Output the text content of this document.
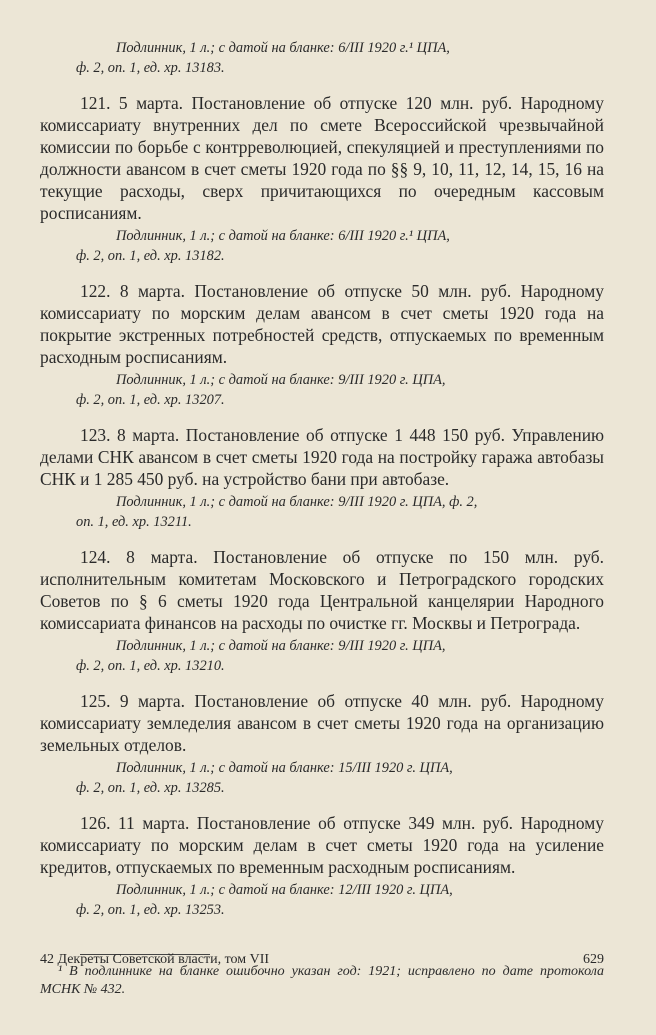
Подлинник, 1 л.; с датой на бланке: 6/III 1920 г.¹ ЦПА,
ф. 2, оп. 1, ед. хр. 13183.

121. 5 марта. Постановление об отпуске 120 млн. руб. Народному комиссариату внутренних дел по смете Всероссийской чрезвычайной комиссии по борьбе с контрреволюцией, спекуляцией и преступлениями по должности авансом в счет сметы 1920 года по §§ 9, 10, 11, 12, 14, 15, 16 на текущие расходы, сверх причитающихся по очередным кассовым росписаниям.

Подлинник, 1 л.; с датой на бланке: 6/III 1920 г.¹ ЦПА,
ф. 2, оп. 1, ед. хр. 13182.

122. 8 марта. Постановление об отпуске 50 млн. руб. Народному комиссариату по морским делам авансом в счет сметы 1920 года на покрытие экстренных потребностей средств, отпускаемых по временным расходным росписаниям.

Подлинник, 1 л.; с датой на бланке: 9/III 1920 г. ЦПА,
ф. 2, оп. 1, ед. хр. 13207.

123. 8 марта. Постановление об отпуске 1 448 150 руб. Управлению делами СНК авансом в счет сметы 1920 года на постройку гаража автобазы СНК и 1 285 450 руб. на устройство бани при автобазе.

Подлинник, 1 л.; с датой на бланке: 9/III 1920 г. ЦПА, ф. 2,
оп. 1, ед. хр. 13211.

124. 8 марта. Постановление об отпуске по 150 млн. руб. исполнительным комитетам Московского и Петроградского городских Советов по § 6 сметы 1920 года Центральной канцелярии Народного комиссариата финансов на расходы по очистке гг. Москвы и Петрограда.

Подлинник, 1 л.; с датой на бланке: 9/III 1920 г. ЦПА,
ф. 2, оп. 1, ед. хр. 13210.

125. 9 марта. Постановление об отпуске 40 млн. руб. Народному комиссариату земледелия авансом в счет сметы 1920 года на организацию земельных отделов.

Подлинник, 1 л.; с датой на бланке: 15/III 1920 г. ЦПА,
ф. 2, оп. 1, ед. хр. 13285.

126. 11 марта. Постановление об отпуске 349 млн. руб. Народному комиссариату по морским делам в счет сметы 1920 года на усиление кредитов, отпускаемых по временным расходным росписаниям.

Подлинник, 1 л.; с датой на бланке: 12/III 1920 г. ЦПА,
ф. 2, оп. 1, ед. хр. 13253.

¹ В подлиннике на бланке ошибочно указан год: 1921; исправлено по дате протокола МСНК № 432.

42 Декреты Советской власти, том VII	629
